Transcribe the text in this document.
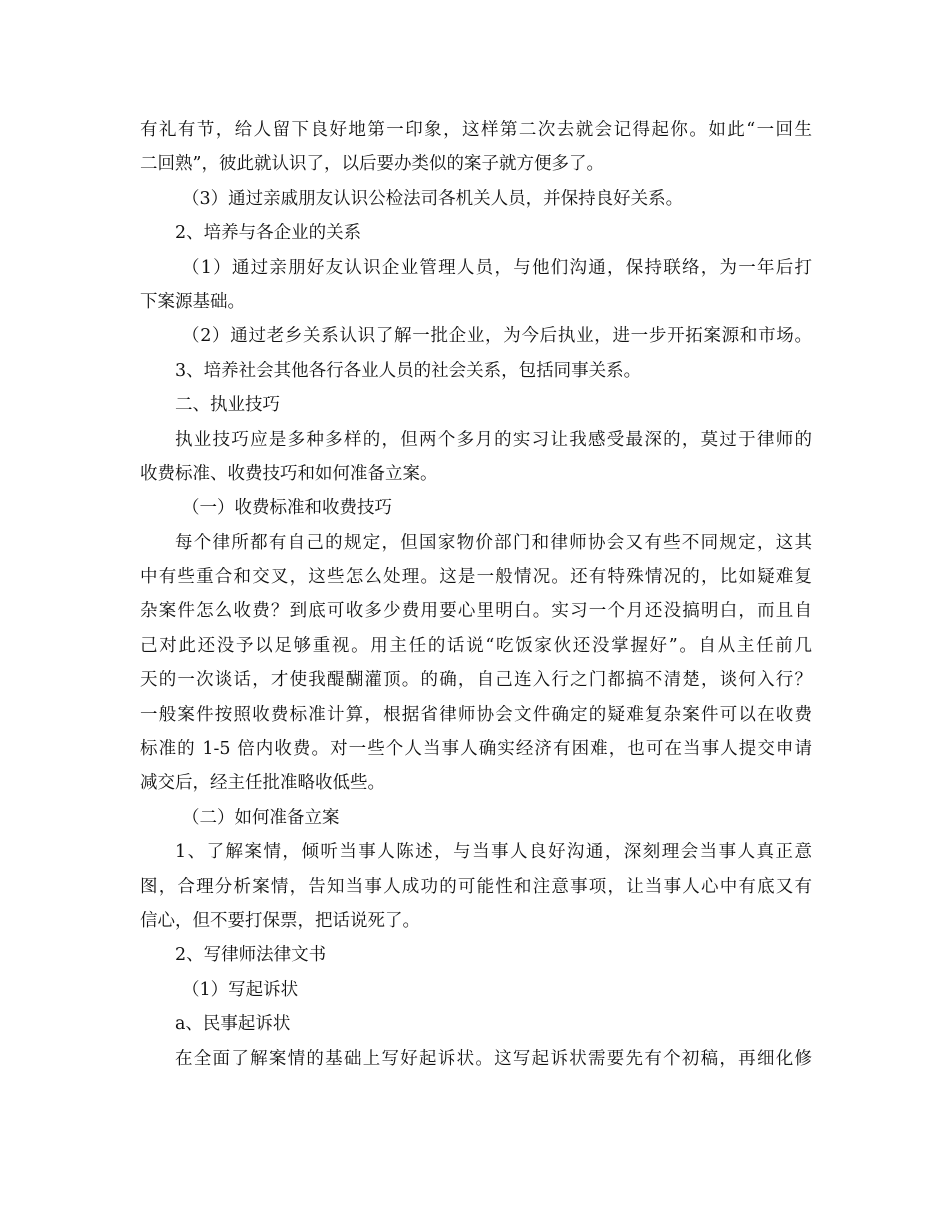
有礼有节，给人留下良好地第一印象，这样第二次去就会记得起你。如此“一回生
二回熟”，彼此就认识了，以后要办类似的案子就方便多了。
（3）通过亲戚朋友认识公检法司各机关人员，并保持良好关系。
2、培养与各企业的关系
（1）通过亲朋好友认识企业管理人员，与他们沟通，保持联络，为一年后打
下案源基础。
（2）通过老乡关系认识了解一批企业，为今后执业，进一步开拓案源和市场。
3、培养社会其他各行各业人员的社会关系，包括同事关系。
二、执业技巧
执业技巧应是多种多样的，但两个多月的实习让我感受最深的，莫过于律师的
收费标准、收费技巧和如何准备立案。
（一）收费标准和收费技巧
每个律所都有自己的规定，但国家物价部门和律师协会又有些不同规定，这其
中有些重合和交叉，这些怎么处理。这是一般情况。还有特殊情况的，比如疑难复
杂案件怎么收费？到底可收多少费用要心里明白。实习一个月还没搞明白，而且自
己对此还没予以足够重视。用主任的话说“吃饭家伙还没掌握好”。自从主任前几
天的一次谈话，才使我醍醐灌顶。的确，自己连入行之门都搞不清楚，谈何入行？
一般案件按照收费标准计算，根据省律师协会文件确定的疑难复杂案件可以在收费
标准的 1-5 倍内收费。对一些个人当事人确实经济有困难，也可在当事人提交申请
减交后，经主任批准略收低些。
（二）如何准备立案
1、了解案情，倾听当事人陈述，与当事人良好沟通，深刻理会当事人真正意
图，合理分析案情，告知当事人成功的可能性和注意事项，让当事人心中有底又有
信心，但不要打保票，把话说死了。
2、写律师法律文书
（1）写起诉状
a、民事起诉状
在全面了解案情的基础上写好起诉状。这写起诉状需要先有个初稿，再细化修
